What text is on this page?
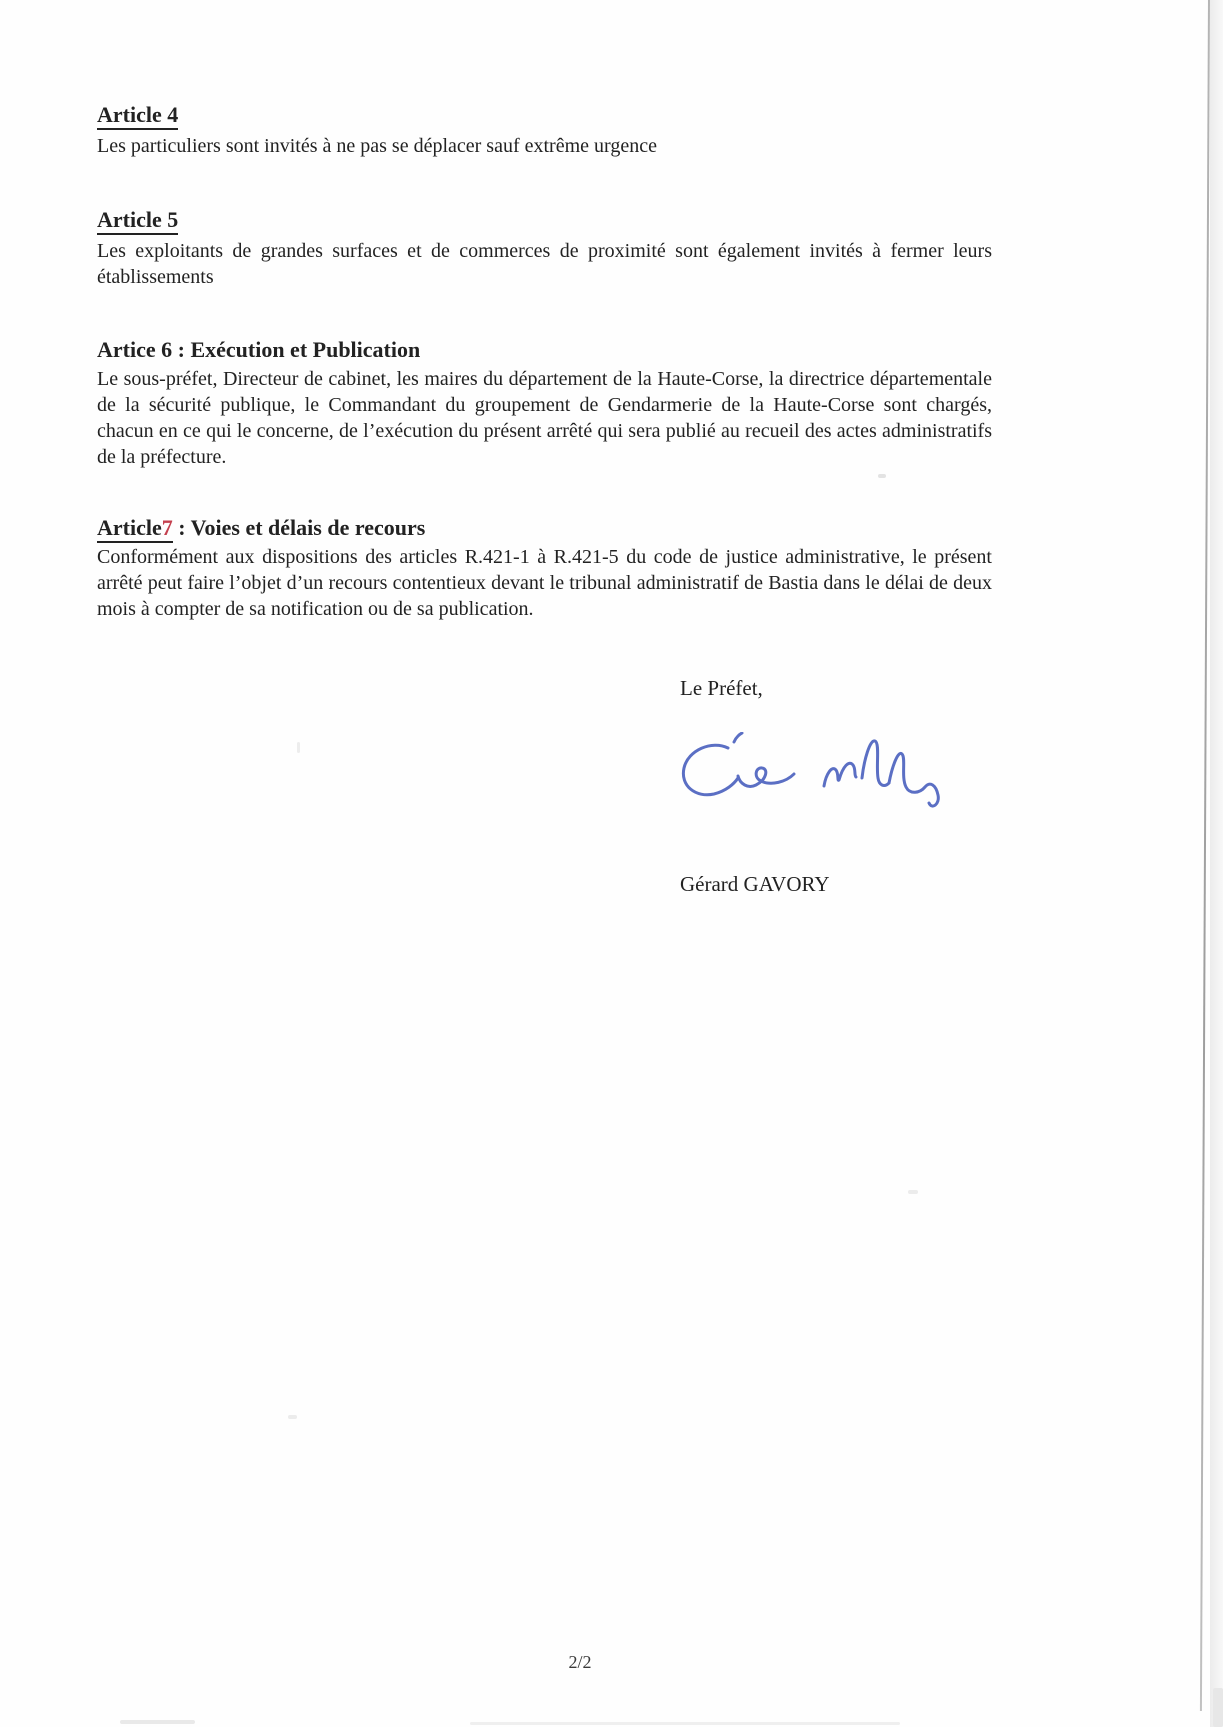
Article 4
Les particuliers sont invités à ne pas se déplacer sauf extrême urgence
Article 5
Les exploitants de grandes surfaces et de commerces de proximité sont également invités à fermer leurs établissements
Artice 6 : Exécution et Publication
Le sous-préfet, Directeur de cabinet, les maires du département de la Haute-Corse, la directrice départementale de la sécurité publique, le Commandant du groupement de Gendarmerie de la Haute-Corse sont chargés, chacun en ce qui le concerne, de l’exécution du présent arrêté qui sera publié au recueil des actes administratifs de la préfecture.
Article7 : Voies et délais de recours
Conformément aux dispositions des articles R.421-1 à R.421-5 du code de justice administrative, le présent arrêté peut faire l’objet d’un recours contentieux devant le tribunal administratif de Bastia dans le délai de deux mois à compter de sa notification ou de sa publication.
Le Préfet,
Gérard GAVORY
2/2
